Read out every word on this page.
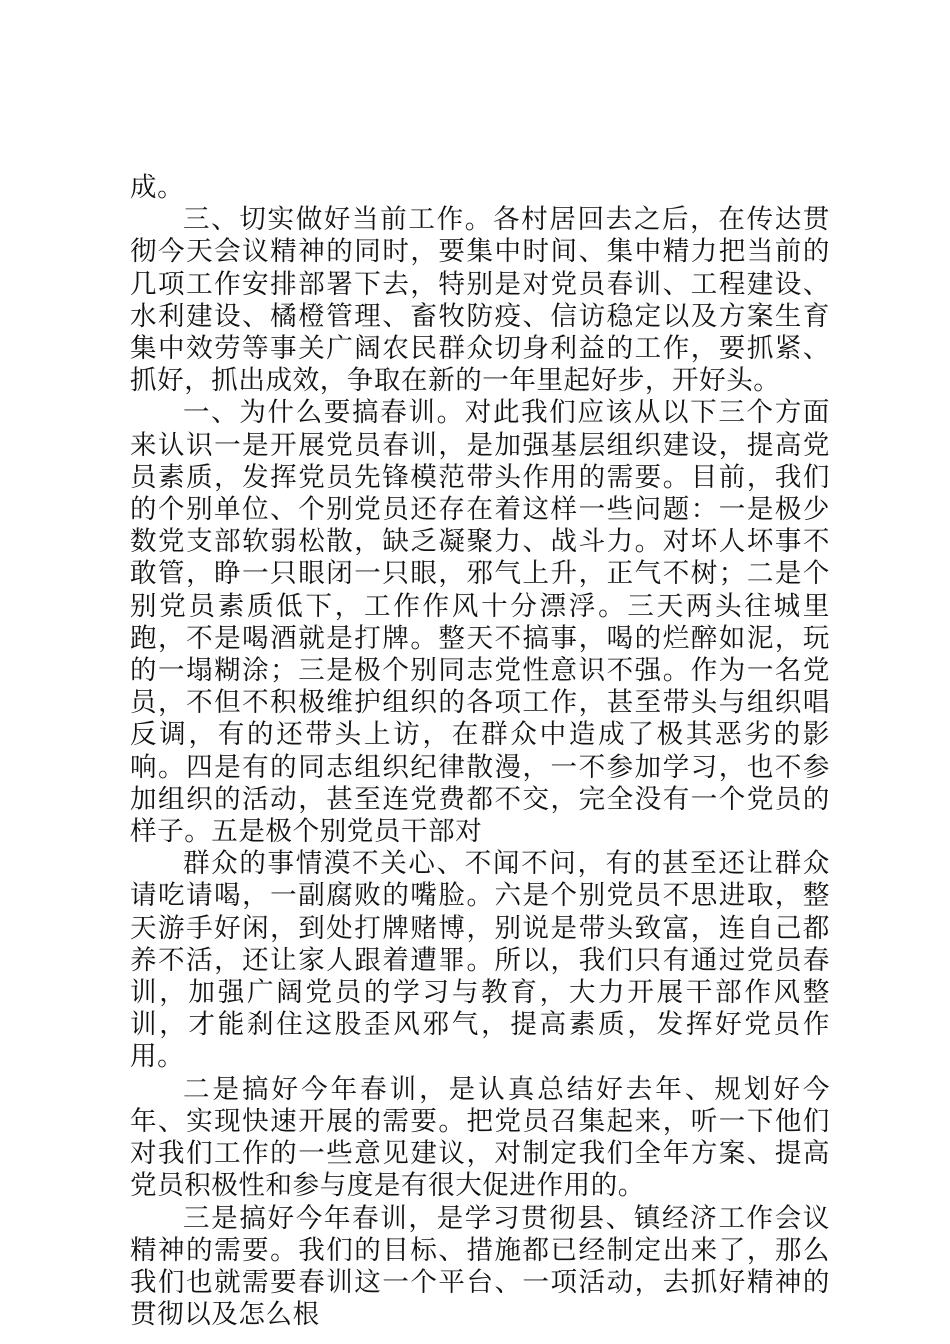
成。

三、切实做好当前工作。各村居回去之后，在传达贯彻今天会议精神的同时，要集中时间、集中精力把当前的几项工作安排部署下去，特别是对党员春训、工程建设、水利建设、橘橙管理、畜牧防疫、信访稳定以及方案生育集中效劳等事关广阔农民群众切身利益的工作，要抓紧、抓好，抓出成效，争取在新的一年里起好步，开好头。

一、为什么要搞春训。对此我们应该从以下三个方面来认识一是开展党员春训，是加强基层组织建设，提高党员素质，发挥党员先锋模范带头作用的需要。目前，我们的个别单位、个别党员还存在着这样一些问题：一是极少数党支部软弱松散，缺乏凝聚力、战斗力。对坏人坏事不敢管，睁一只眼闭一只眼，邪气上升，正气不树；二是个别党员素质低下，工作作风十分漂浮。三天两头往城里跑，不是喝酒就是打牌。整天不搞事，喝的烂醉如泥，玩的一塌糊涂；三是极个别同志党性意识不强。作为一名党员，不但不积极维护组织的各项工作，甚至带头与组织唱反调，有的还带头上访，在群众中造成了极其恶劣的影响。四是有的同志组织纪律散漫，一不参加学习，也不参加组织的活动，甚至连党费都不交，完全没有一个党员的样子。五是极个别党员干部对

群众的事情漠不关心、不闻不问，有的甚至还让群众请吃请喝，一副腐败的嘴脸。六是个别党员不思进取，整天游手好闲，到处打牌赌博，别说是带头致富，连自己都养不活，还让家人跟着遭罪。所以，我们只有通过党员春训，加强广阔党员的学习与教育，大力开展干部作风整训，才能刹住这股歪风邪气，提高素质，发挥好党员作用。

二是搞好今年春训，是认真总结好去年、规划好今年、实现快速开展的需要。把党员召集起来，听一下他们对我们工作的一些意见建议，对制定我们全年方案、提高党员积极性和参与度是有很大促进作用的。

三是搞好今年春训，是学习贯彻县、镇经济工作会议精神的需要。我们的目标、措施都已经制定出来了，那么我们也就需要春训这一个平台、一项活动，去抓好精神的贯彻以及怎么根
